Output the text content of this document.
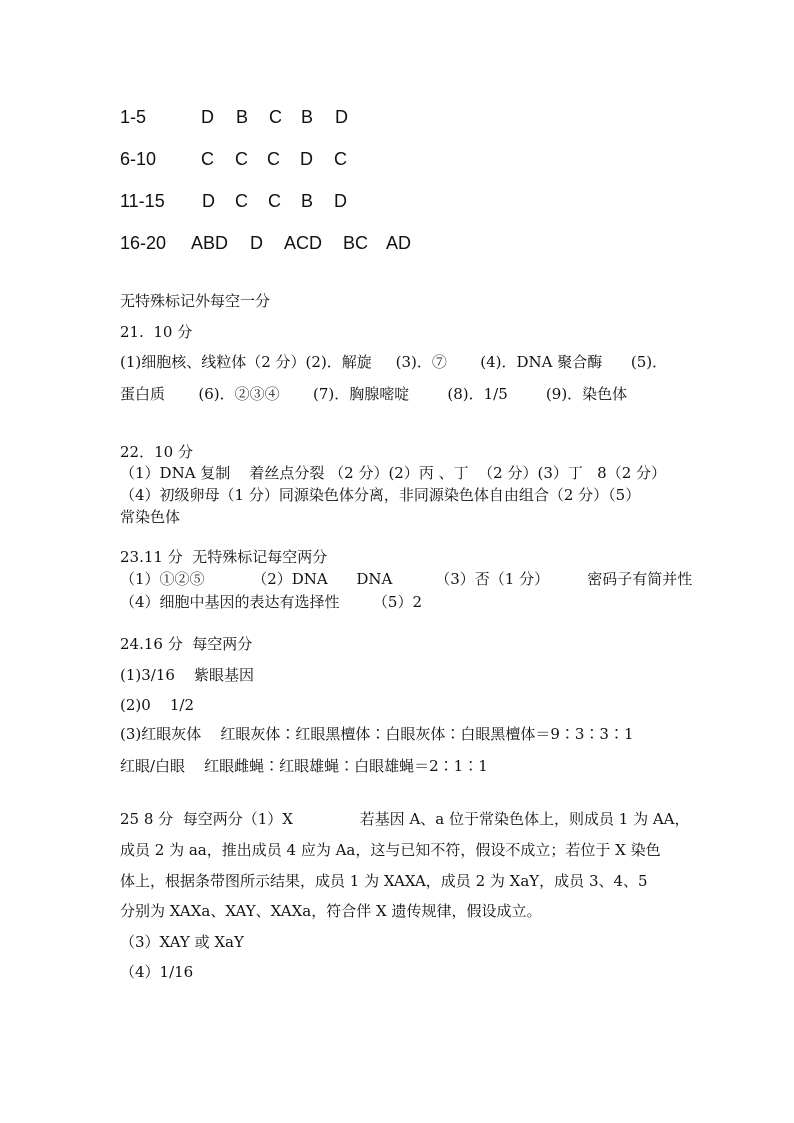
1-5	D B C B D
6-10 C C C D C
11-15 D C C B D
16-20 ABD D ACD BC AD
无特殊标记外每空一分
21.  10 分
(1)细胞核、线粒体（2 分）(2)．解旋     (3)．⑦       (4)．DNA 聚合酶      (5)．
蛋白质       (6)．②③④       (7)．胸腺嘧啶        (8)．1/5        (9)．染色体
22．10 分
（1）DNA 复制    着丝点分裂 （2 分）(2）丙 、丁  （2 分）(3）丁   8（2 分）
（4）初级卵母（1 分）同源染色体分离，非同源染色体自由组合（2 分）（5）
常染色体
23.11 分  无特殊标记每空两分
（1）①②⑤          （2）DNA      DNA         （3）否（1 分）        密码子有简并性
（4）细胞中基因的表达有选择性       （5）2
24.16 分  每空两分
(1)3/16    紫眼基因
(2)0    1/2
(3)红眼灰体    红眼灰体∶红眼黑檀体∶白眼灰体∶白眼黑檀体＝9∶3∶3∶1
红眼/白眼    红眼雌蝇∶红眼雄蝇∶白眼雄蝇＝2∶1∶1
25 8 分  每空两分（1）X              若基因 A、a 位于常染色体上，则成员 1 为 AA，
成员 2 为 aa，推出成员 4 应为 Aa，这与已知不符，假设不成立；若位于 X 染色
体上，根据条带图所示结果，成员 1 为 XAXA，成员 2 为 XaY，成员 3、4、5
分别为 XAXa、XAY、XAXa，符合伴 X 遗传规律，假设成立。
（3）XAY 或 XaY
（4）1/16
